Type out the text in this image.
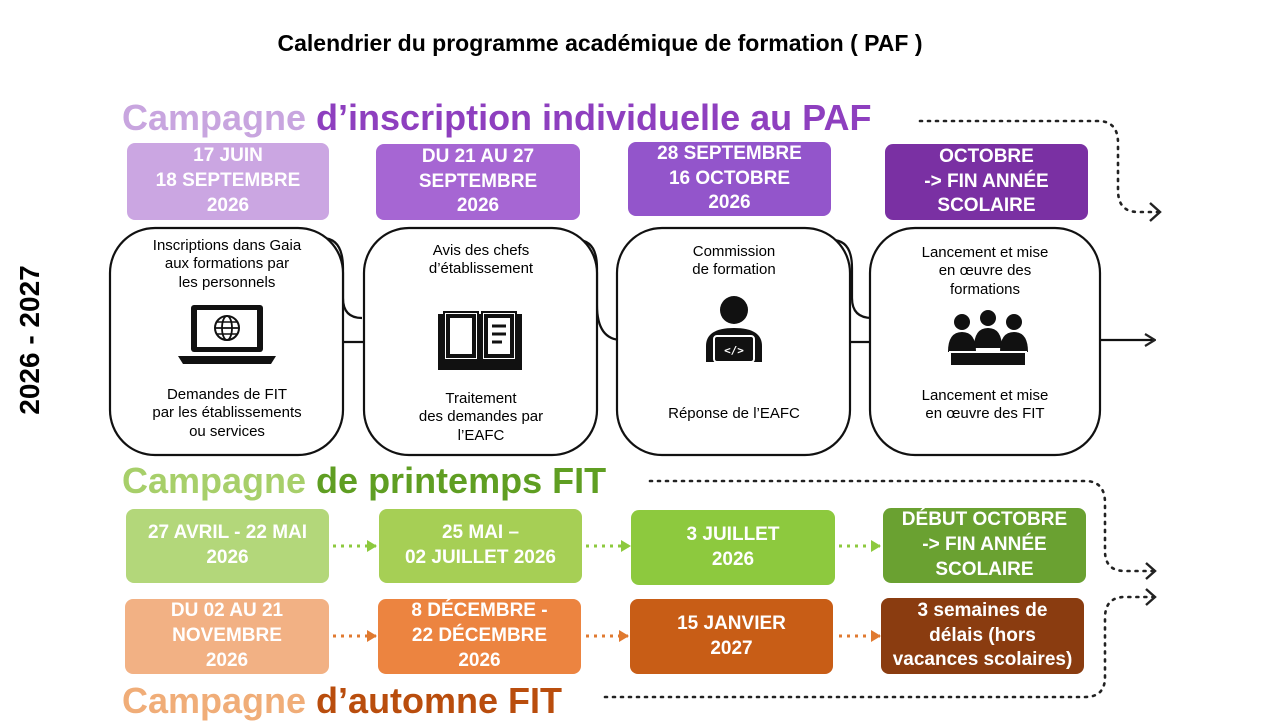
Calendrier du programme académique de formation ( PAF )
Campagne d’inscription individuelle au PAF
Campagne de printemps FIT
Campagne d’automne FIT
2026 - 2027	</>
17 JUIN
18 SEPTEMBRE
2026
DU 21 AU 27
SEPTEMBRE
2026
28 SEPTEMBRE
16 OCTOBRE
2026
OCTOBRE
-> FIN ANNÉE
SCOLAIRE
Inscriptions dans Gaia
aux formations par
les personnels
Demandes de FIT
par les établissements
ou services
Avis des chefs
d’établissement
Traitement
des demandes par
l’EAFC
Commission
de formation
Réponse de l’EAFC
Lancement et mise
en œuvre des
formations
Lancement et mise
en œuvre des FIT
27 AVRIL - 22 MAI
2026
25 MAI –
02 JUILLET 2026
3 JUILLET
2026
DÉBUT OCTOBRE
-> FIN ANNÉE
SCOLAIRE
DU 02 AU 21
NOVEMBRE
2026
8 DÉCEMBRE -
22 DÉCEMBRE
2026
15 JANVIER
2027
3 semaines de
délais (hors
vacances scolaires)
